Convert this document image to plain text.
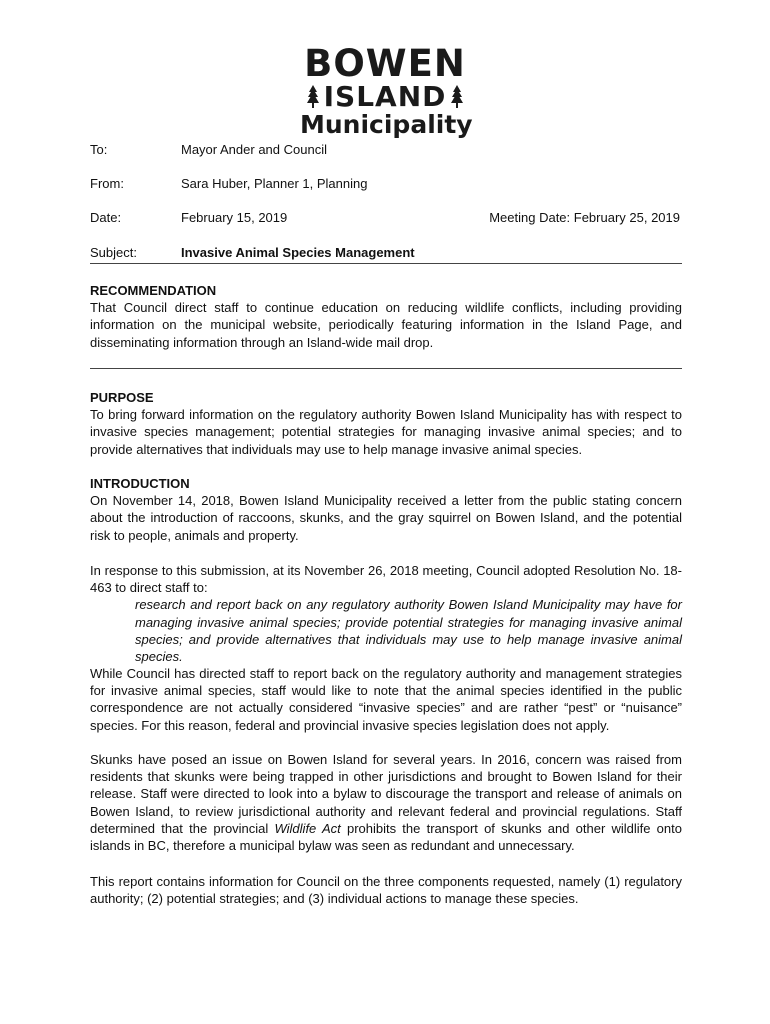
BOWEN
ISLAND
Municipality
To:	Mayor Ander and Council
From:	Sara Huber, Planner 1, Planning
Date:	February 15, 2019	Meeting Date: February 25, 2019
Subject:	Invasive Animal Species Management
RECOMMENDATION

That Council direct staff to continue education on reducing wildlife conflicts, including providing information on the municipal website, periodically featuring information in the Island Page, and disseminating information through an Island-wide mail drop.

PURPOSE

To bring forward information on the regulatory authority Bowen Island Municipality has with respect to invasive species management; potential strategies for managing invasive animal species; and to provide alternatives that individuals may use to help manage invasive animal species.

INTRODUCTION

On November 14, 2018, Bowen Island Municipality received a letter from the public stating concern about the introduction of raccoons, skunks, and the gray squirrel on Bowen Island, and the potential risk to people, animals and property.

In response to this submission, at its November 26, 2018 meeting, Council adopted Resolution No. 18-463 to direct staff to:

research and report back on any regulatory authority Bowen Island Municipality may have for managing invasive animal species; provide potential strategies for managing invasive animal species; and provide alternatives that individuals may use to help manage invasive animal species.

While Council has directed staff to report back on the regulatory authority and management strategies for invasive animal species, staff would like to note that the animal species identified in the public correspondence are not actually considered “invasive species” and are rather “pest” or “nuisance” species. For this reason, federal and provincial invasive species legislation does not apply.

Skunks have posed an issue on Bowen Island for several years. In 2016, concern was raised from residents that skunks were being trapped in other jurisdictions and brought to Bowen Island for their release. Staff were directed to look into a bylaw to discourage the transport and release of animals on Bowen Island, to review jurisdictional authority and relevant federal and provincial regulations. Staff determined that the provincial Wildlife Act prohibits the transport of skunks and other wildlife onto islands in BC, therefore a municipal bylaw was seen as redundant and unnecessary.

This report contains information for Council on the three components requested, namely (1) regulatory authority; (2) potential strategies; and (3) individual actions to manage these species.
